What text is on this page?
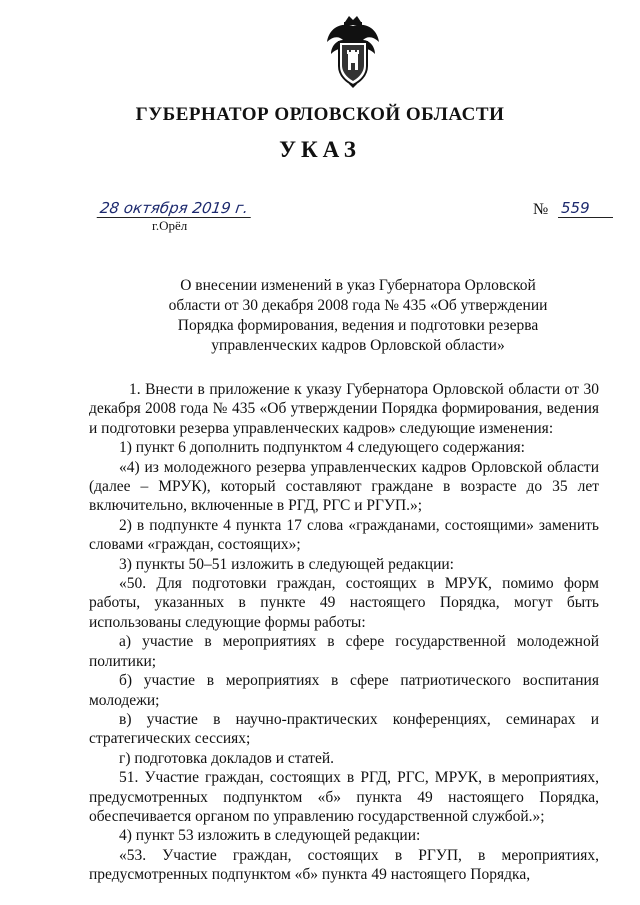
ГУБЕРНАТОР ОРЛОВСКОЙ ОБЛАСТИ
УКАЗ
28 октября 2019 г.
г.Орёл
№ 559
О внесении изменений в указ Губернатора Орловской
области от 30 декабря 2008 года № 435 «Об утверждении
Порядка формирования, ведения и подготовки резерва
управленческих кадров Орловской области»

1. Внести в приложение к указу Губернатора Орловской области от 30 декабря 2008 года № 435 «Об утверждении Порядка формирования, ведения и подготовки резерва управленческих кадров» следующие изменения:

1) пункт 6 дополнить подпунктом 4 следующего содержания:

«4) из молодежного резерва управленческих кадров Орловской области (далее – МРУК), который составляют граждане в возрасте до 35 лет включительно, включенные в РГД, РГС и РГУП.»;

2) в подпункте 4 пункта 17 слова «гражданами, состоящими» заменить словами «граждан, состоящих»;

3) пункты 50–51 изложить в следующей редакции:

«50. Для подготовки граждан, состоящих в МРУК, помимо форм работы, указанных в пункте 49 настоящего Порядка, могут быть использованы следующие формы работы:

а) участие в мероприятиях в сфере государственной молодежной политики;

б) участие в мероприятиях в сфере патриотического воспитания молодежи;

в) участие в научно-практических конференциях, семинарах и стратегических сессиях;

г) подготовка докладов и статей.

51. Участие граждан, состоящих в РГД, РГС, МРУК, в мероприятиях, предусмотренных подпунктом «б» пункта 49 настоящего Порядка, обеспечивается органом по управлению государственной службой.»;

4) пункт 53 изложить в следующей редакции:

«53. Участие граждан, состоящих в РГУП, в мероприятиях, предусмотренных подпунктом «б» пункта 49 настоящего Порядка,
